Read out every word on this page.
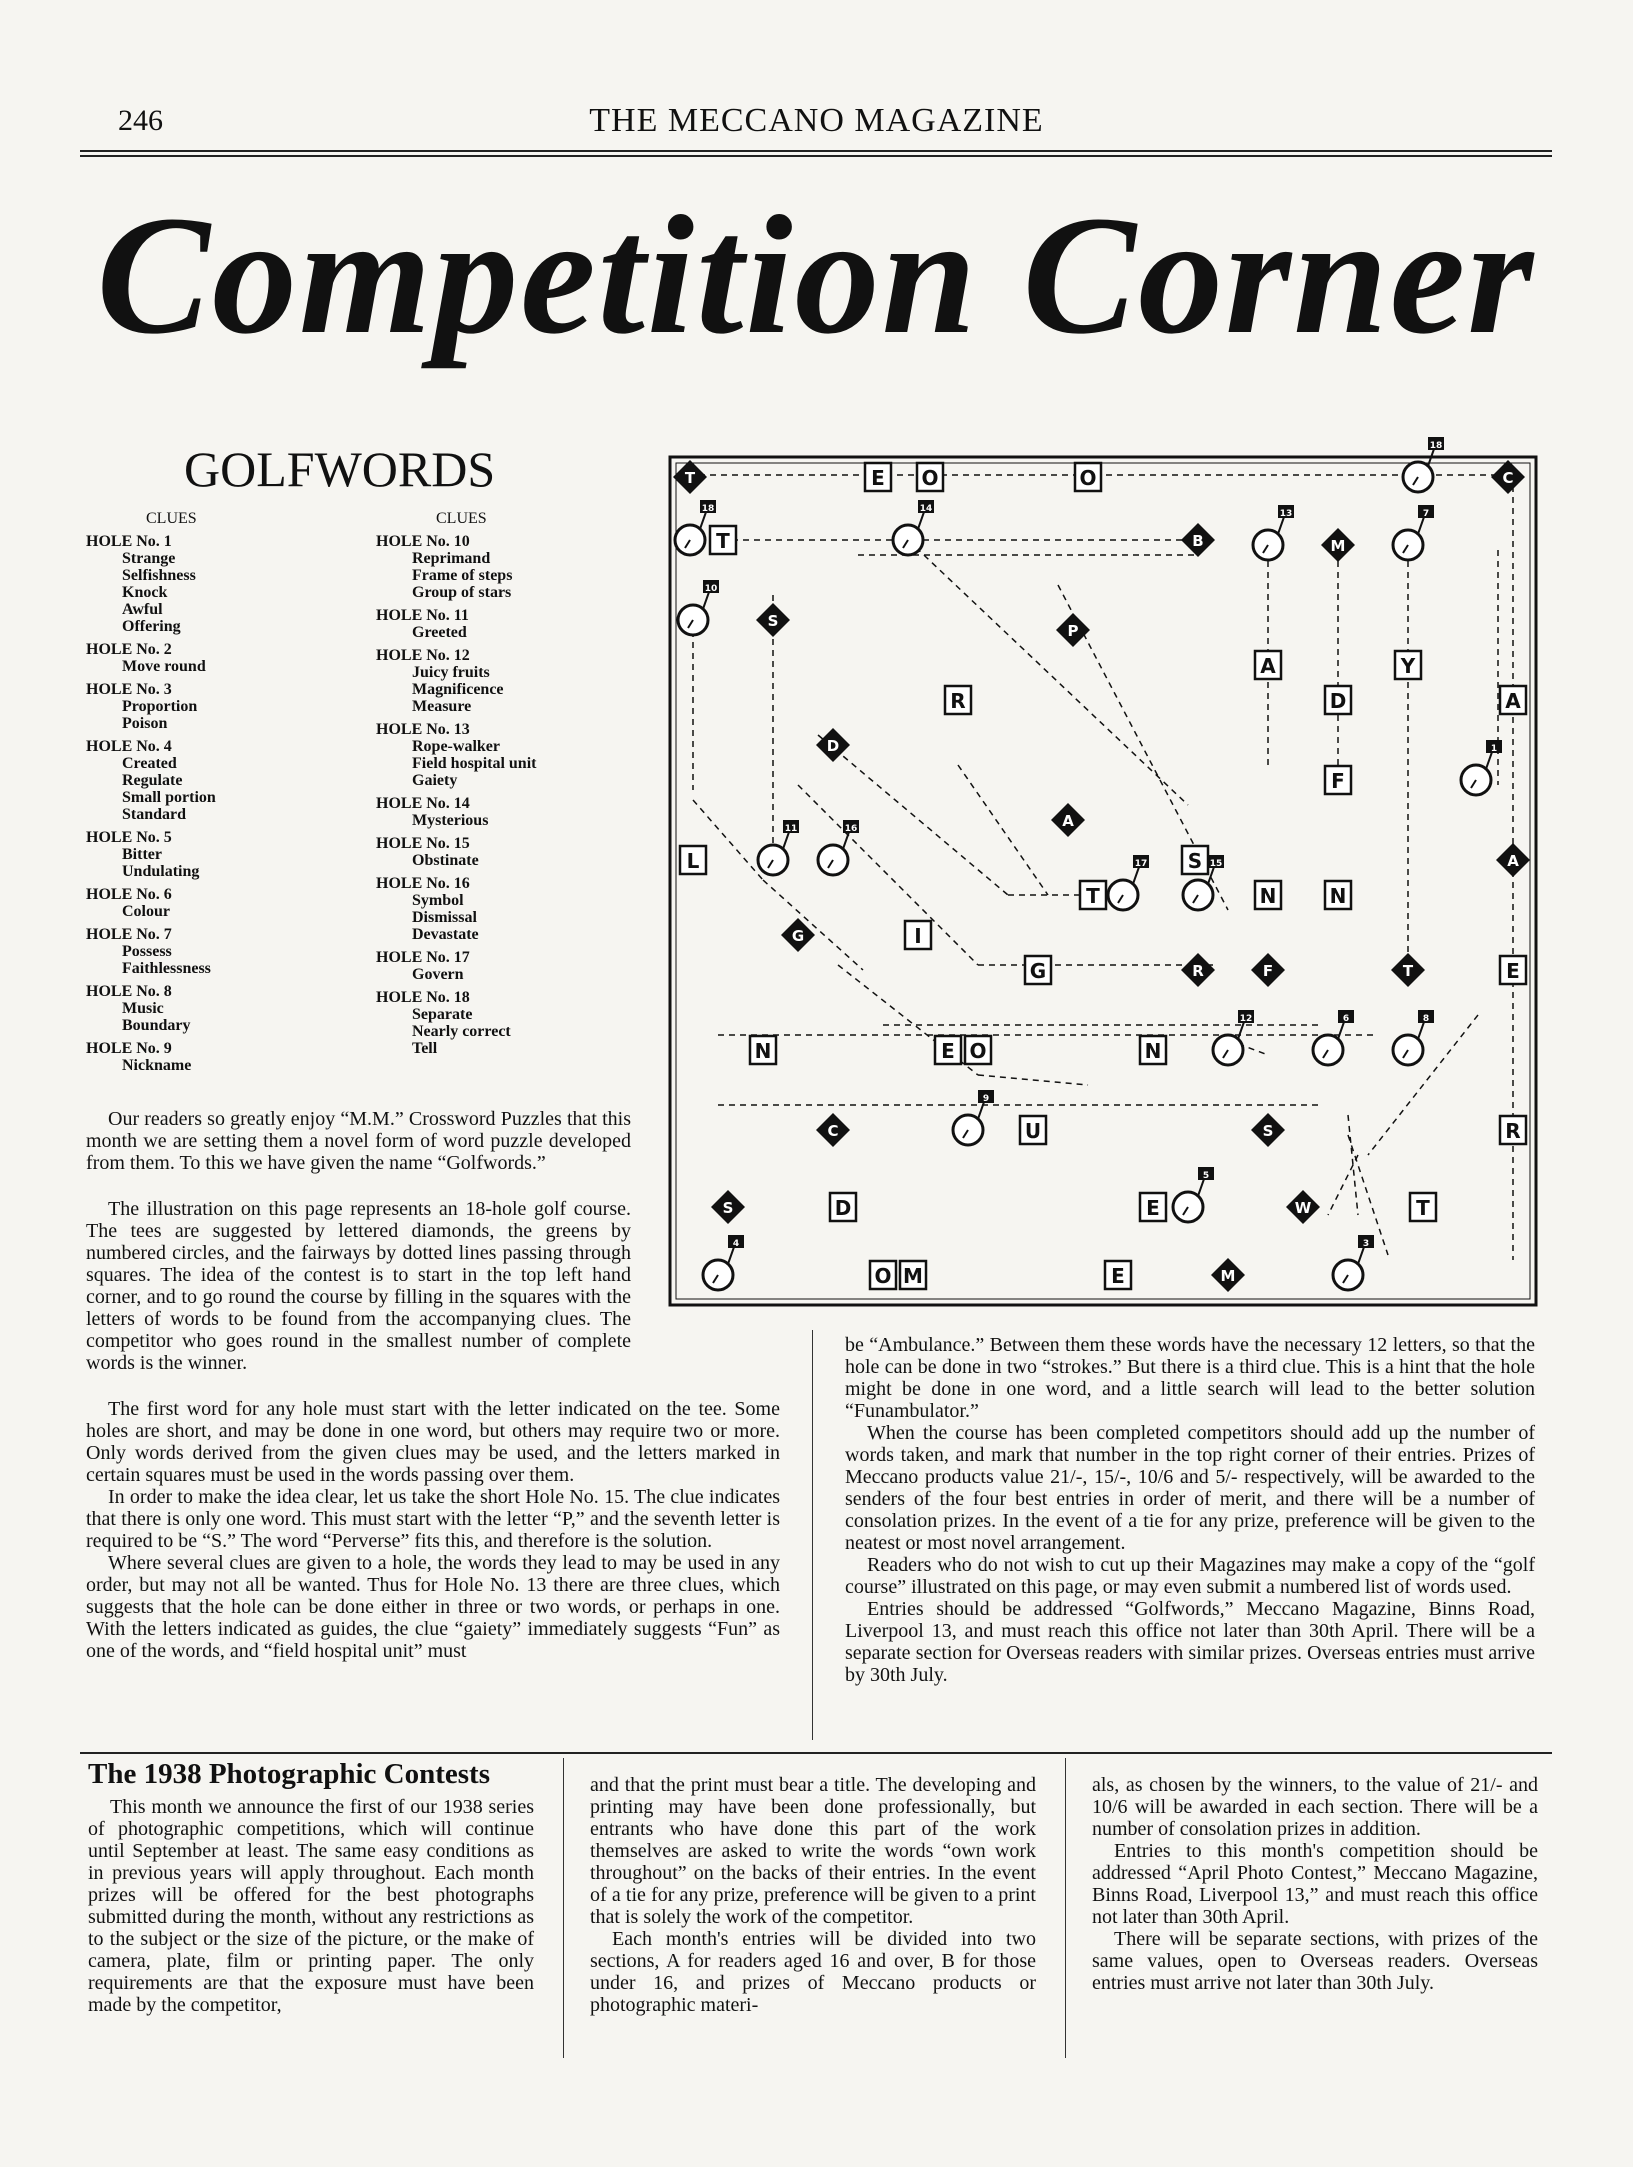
246	THE MECCANO MAGAZINE
Competition Corner
GOLFWORDS
CLUES
HOLE No. 1
Strange
Selfishness
Knock
Awful
Offering
HOLE No. 2
Move round
HOLE No. 3
Proportion
Poison
HOLE No. 4
Created
Regulate
Small portion
Standard
HOLE No. 5
Bitter
Undulating
HOLE No. 6
Colour
HOLE No. 7
Possess
Faithlessness
HOLE No. 8
Music
Boundary
HOLE No. 9
Nickname
CLUES
HOLE No. 10
Reprimand
Frame of steps
Group of stars
HOLE No. 11
Greeted
HOLE No. 12
Juicy fruits
Magnificence
Measure
HOLE No. 13
Rope-walker
Field hospital unit
Gaiety
HOLE No. 14
Mysterious
HOLE No. 15
Obstinate
HOLE No. 16
Symbol
Dismissal
Devastate
HOLE No. 17
Govern
HOLE No. 18
Separate
Nearly correct
Tell
T	E O	O
18
C
18
T
14
B
13
M
7
10
S
P
R
A
D
Y
A
F
1
D
A
L
11	16
A
T
17 S 15
N	N
G	I
G	R	F	T	E
N	E O	N
12	6	8
C
9
U	S	R
S	D	E
5
W	T
4
O M	E	M
3

Our readers so greatly enjoy “M.M.” Crossword Puzzles that this month we are setting them a novel form of word puzzle developed from them. To this we have given the name “Golfwords.”

The illustration on this page represents an 18-hole golf course. The tees are suggested by lettered diamonds, the greens by numbered circles, and the fairways by dotted lines passing through squares. The idea of the contest is to start in the top left hand corner, and to go round the course by filling in the squares with the letters of words to be found from the accompanying clues. The competitor who goes round in the smallest number of complete words is the winner.

The first word for any hole must start with the letter indicated on the tee. Some holes are short, and may be done in one word, but others may require two or more. Only words derived from the given clues may be used, and the letters marked in certain squares must be used in the words passing over them.

In order to make the idea clear, let us take the short Hole No. 15. The clue indicates that there is only one word. This must start with the letter “P,” and the seventh letter is required to be “S.” The word “Perverse” fits this, and therefore is the solution.

Where several clues are given to a hole, the words they lead to may be used in any order, but may not all be wanted. Thus for Hole No. 13 there are three clues, which suggests that the hole can be done either in three or two words, or perhaps in one. With the letters indicated as guides, the clue “gaiety” immediately suggests “Fun” as one of the words, and “field hospital unit” must

be “Ambulance.” Between them these words have the necessary 12 letters, so that the hole can be done in two “strokes.” But there is a third clue. This is a hint that the hole might be done in one word, and a little search will lead to the better solution “Funambulator.”

When the course has been completed competitors should add up the number of words taken, and mark that number in the top right corner of their entries. Prizes of Meccano products value 21/-, 15/-, 10/6 and 5/- respectively, will be awarded to the senders of the four best entries in order of merit, and there will be a number of consolation prizes. In the event of a tie for any prize, preference will be given to the neatest or most novel arrangement.

Readers who do not wish to cut up their Magazines may make a copy of the “golf course” illustrated on this page, or may even submit a numbered list of words used.

Entries should be addressed “Golfwords,” Meccano Magazine, Binns Road, Liverpool 13, and must reach this office not later than 30th April. There will be a separate section for Overseas readers with similar prizes. Overseas entries must arrive by 30th July.

The 1938 Photographic Contests

This month we announce the first of our 1938 series of photographic competitions, which will continue until September at least. The same easy conditions as in previous years will apply throughout. Each month prizes will be offered for the best photographs submitted during the month, without any restrictions as to the subject or the size of the picture, or the make of camera, plate, film or printing paper. The only requirements are that the exposure must have been made by the competitor,

and that the print must bear a title. The developing and printing may have been done professionally, but entrants who have done this part of the work themselves are asked to write the words “own work throughout” on the backs of their entries. In the event of a tie for any prize, preference will be given to a print that is solely the work of the competitor.

Each month's entries will be divided into two sections, A for readers aged 16 and over, B for those under 16, and prizes of Meccano products or photographic materi-

als, as chosen by the winners, to the value of 21/- and 10/6 will be awarded in each section. There will be a number of consolation prizes in addition.

Entries to this month's competition should be addressed “April Photo Contest,” Meccano Magazine, Binns Road, Liverpool 13,” and must reach this office not later than 30th April.

There will be separate sections, with prizes of the same values, open to Overseas readers. Overseas entries must arrive not later than 30th July.
